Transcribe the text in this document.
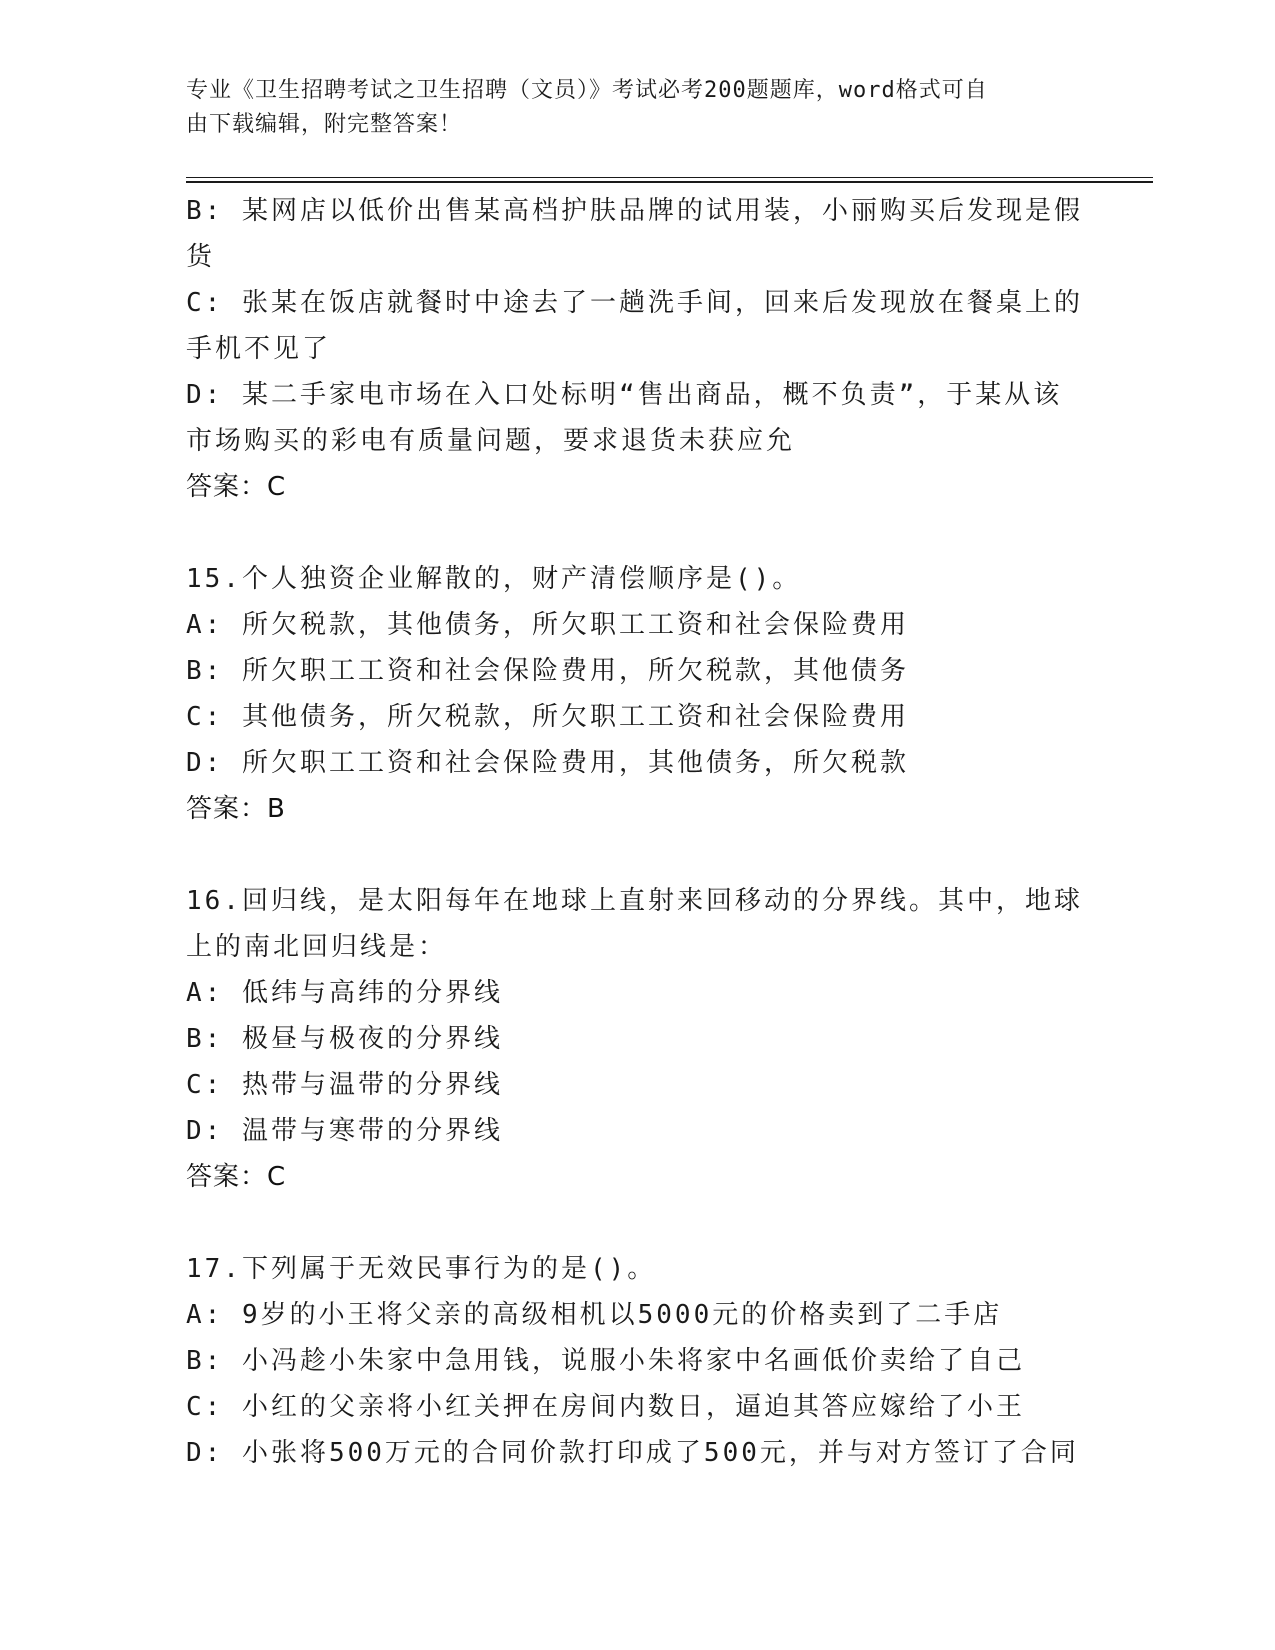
专业《卫生招聘考试之卫生招聘（文员）》考试必考200题题库，word格式可自
由下载编辑，附完整答案！
B: 某网店以低价出售某高档护肤品牌的试用装，小丽购买后发现是假
货
C: 张某在饭店就餐时中途去了一趟洗手间，回来后发现放在餐桌上的
手机不见了
D: 某二手家电市场在入口处标明“售出商品，概不负责”，于某从该
市场购买的彩电有质量问题，要求退货未获应允
答案：C
15.个人独资企业解散的，财产清偿顺序是()。
A: 所欠税款，其他债务，所欠职工工资和社会保险费用
B: 所欠职工工资和社会保险费用，所欠税款，其他债务
C: 其他债务，所欠税款，所欠职工工资和社会保险费用
D: 所欠职工工资和社会保险费用，其他债务，所欠税款
答案：B
16.回归线，是太阳每年在地球上直射来回移动的分界线。其中，地球
上的南北回归线是：
A: 低纬与高纬的分界线
B: 极昼与极夜的分界线
C: 热带与温带的分界线
D: 温带与寒带的分界线
答案：C
17.下列属于无效民事行为的是()。
A: 9岁的小王将父亲的高级相机以5000元的价格卖到了二手店
B: 小冯趁小朱家中急用钱，说服小朱将家中名画低价卖给了自己
C: 小红的父亲将小红关押在房间内数日，逼迫其答应嫁给了小王
D: 小张将500万元的合同价款打印成了500元，并与对方签订了合同
